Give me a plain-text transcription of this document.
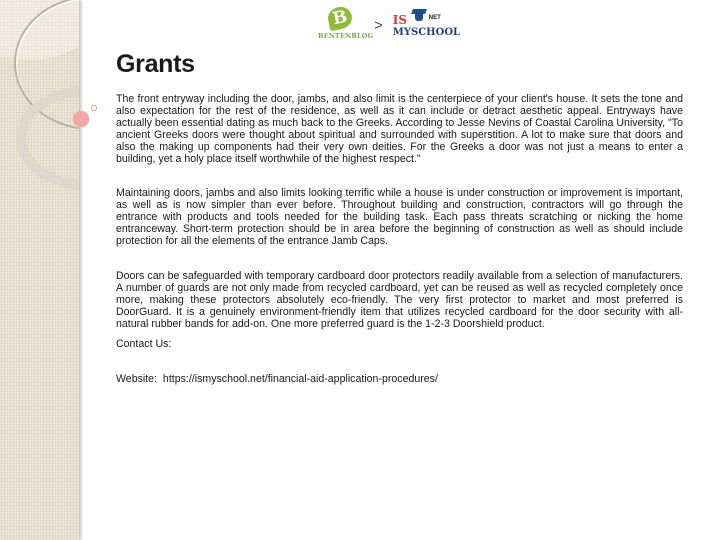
B
BENTENBLOG
> IS	NET
MYSCHOOL
Grants

The front entryway including the door, jambs, and also limit is the centerpiece of your client's house. It sets the tone and also expectation for the rest of the residence, as well as it can include or detract aesthetic appeal. Entryways have actually been essential dating as much back to the Greeks. According to Jesse Nevins of Coastal Carolina University, "To ancient Greeks doors were thought about spiritual and surrounded with superstition. A lot to make sure that doors and also the making up components had their very own deities. For the Greeks a door was not just a means to enter a building, yet a holy place itself worthwhile of the highest respect."

Maintaining doors, jambs and also limits looking terrific while a house is under construction or improvement is important, as well as is now simpler than ever before. Throughout building and construction, contractors will go through the entrance with products and tools needed for the building task. Each pass threats scratching or nicking the home entranceway. Short-term protection should be in area before the beginning of construction as well as should include protection for all the elements of the entrance Jamb Caps.

Doors can be safeguarded with temporary cardboard door protectors readily available from a selection of manufacturers. A number of guards are not only made from recycled cardboard, yet can be reused as well as recycled completely once more, making these protectors absolutely eco-friendly. The very first protector to market and most preferred is DoorGuard. It is a genuinely environment-friendly item that utilizes recycled cardboard for the door security with all-natural rubber bands for add-on. One more preferred guard is the 1-2-3 Doorshield product.

Contact Us:

Website: https://ismyschool.net/financial-aid-application-procedures/
